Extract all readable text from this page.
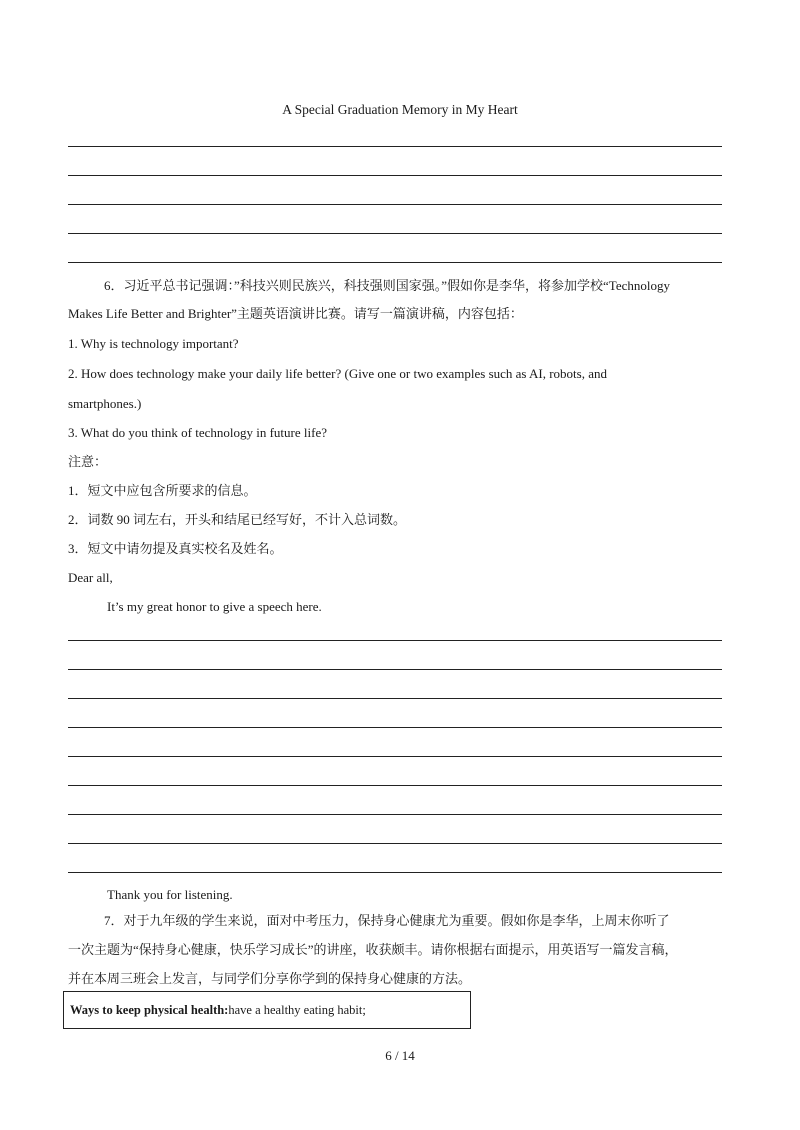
A Special Graduation Memory in My Heart
6．习近平总书记强调：”科技兴则民族兴，科技强则国家强。”假如你是李华，将参加学校“Technology
Makes Life Better and Brighter”主题英语演讲比赛。请写一篇演讲稿，内容包括：
1. Why is technology important?
2. How does technology make your daily life better? (Give one or two examples such as AI, robots, and
smartphones.)
3. What do you think of technology in future life?
注意：
1．短文中应包含所要求的信息。
2．词数 90 词左右，开头和结尾已经写好，不计入总词数。
3．短文中请勿提及真实校名及姓名。
Dear all,
It’s my great honor to give a speech here.
Thank you for listening.
7．对于九年级的学生来说，面对中考压力，保持身心健康尤为重要。假如你是李华，上周末你听了
一次主题为“保持身心健康，快乐学习成长”的讲座，收获颇丰。请你根据右面提示，用英语写一篇发言稿，
并在本周三班会上发言，与同学们分享你学到的保持身心健康的方法。
Ways to keep physical health:have a healthy eating habit;
6 / 14
